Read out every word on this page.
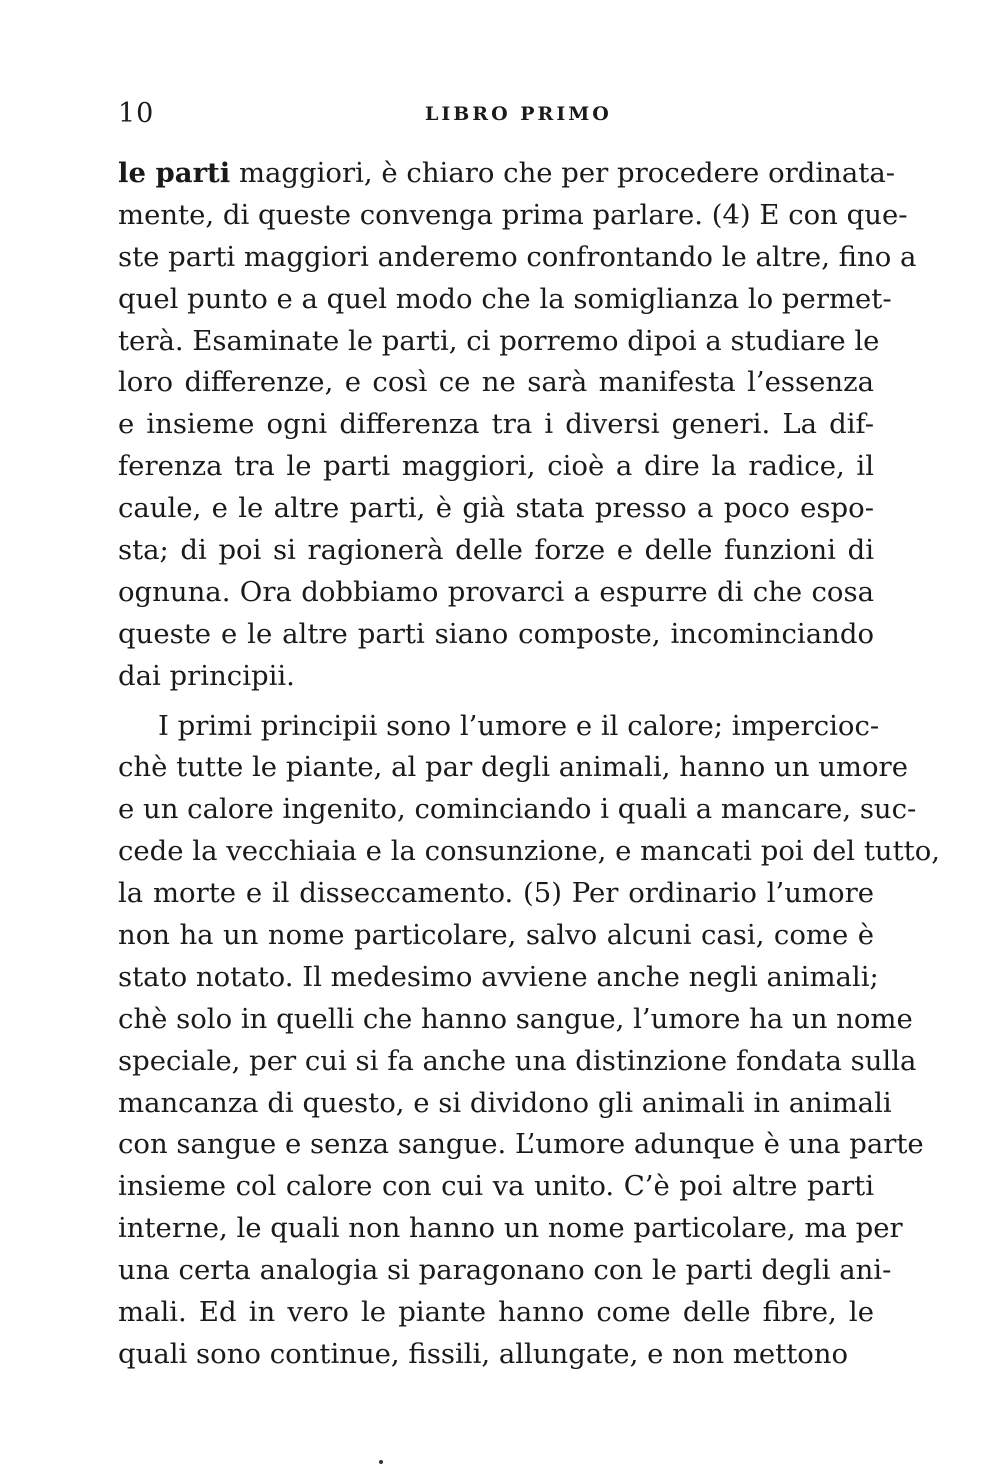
10	LIBRO PRIMO
le parti maggiori, è chiaro che per procedere ordinata-
mente, di queste convenga prima parlare. (4) E con que-
ste parti maggiori anderemo confrontando le altre, fino a
quel punto e a quel modo che la somiglianza lo permet-
terà. Esaminate le parti, ci porremo dipoi a studiare le
loro differenze, e così ce ne sarà manifesta l’essenza
e insieme ogni differenza tra i diversi generi. La dif-
ferenza tra le parti maggiori, cioè a dire la radice, il
caule, e le altre parti, è già stata presso a poco espo-
sta; di poi si ragionerà delle forze e delle funzioni di
ognuna. Ora dobbiamo provarci a espurre di che cosa
queste e le altre parti siano composte, incominciando
dai principii.
I primi principii sono l’umore e il calore; impercioc-
chè tutte le piante, al par degli animali, hanno un umore
e un calore ingenito, cominciando i quali a mancare, suc-
cede la vecchiaia e la consunzione, e mancati poi del tutto,
la morte e il disseccamento. (5) Per ordinario l’umore
non ha un nome particolare, salvo alcuni casi, come è
stato notato. Il medesimo avviene anche negli animali;
chè solo in quelli che hanno sangue, l’umore ha un nome
speciale, per cui si fa anche una distinzione fondata sulla
mancanza di questo, e si dividono gli animali in animali
con sangue e senza sangue. L’umore adunque è una parte
insieme col calore con cui va unito. C’è poi altre parti
interne, le quali non hanno un nome particolare, ma per
una certa analogia si paragonano con le parti degli ani-
mali. Ed in vero le piante hanno come delle fibre, le
quali sono continue, fissili, allungate, e non mettono
